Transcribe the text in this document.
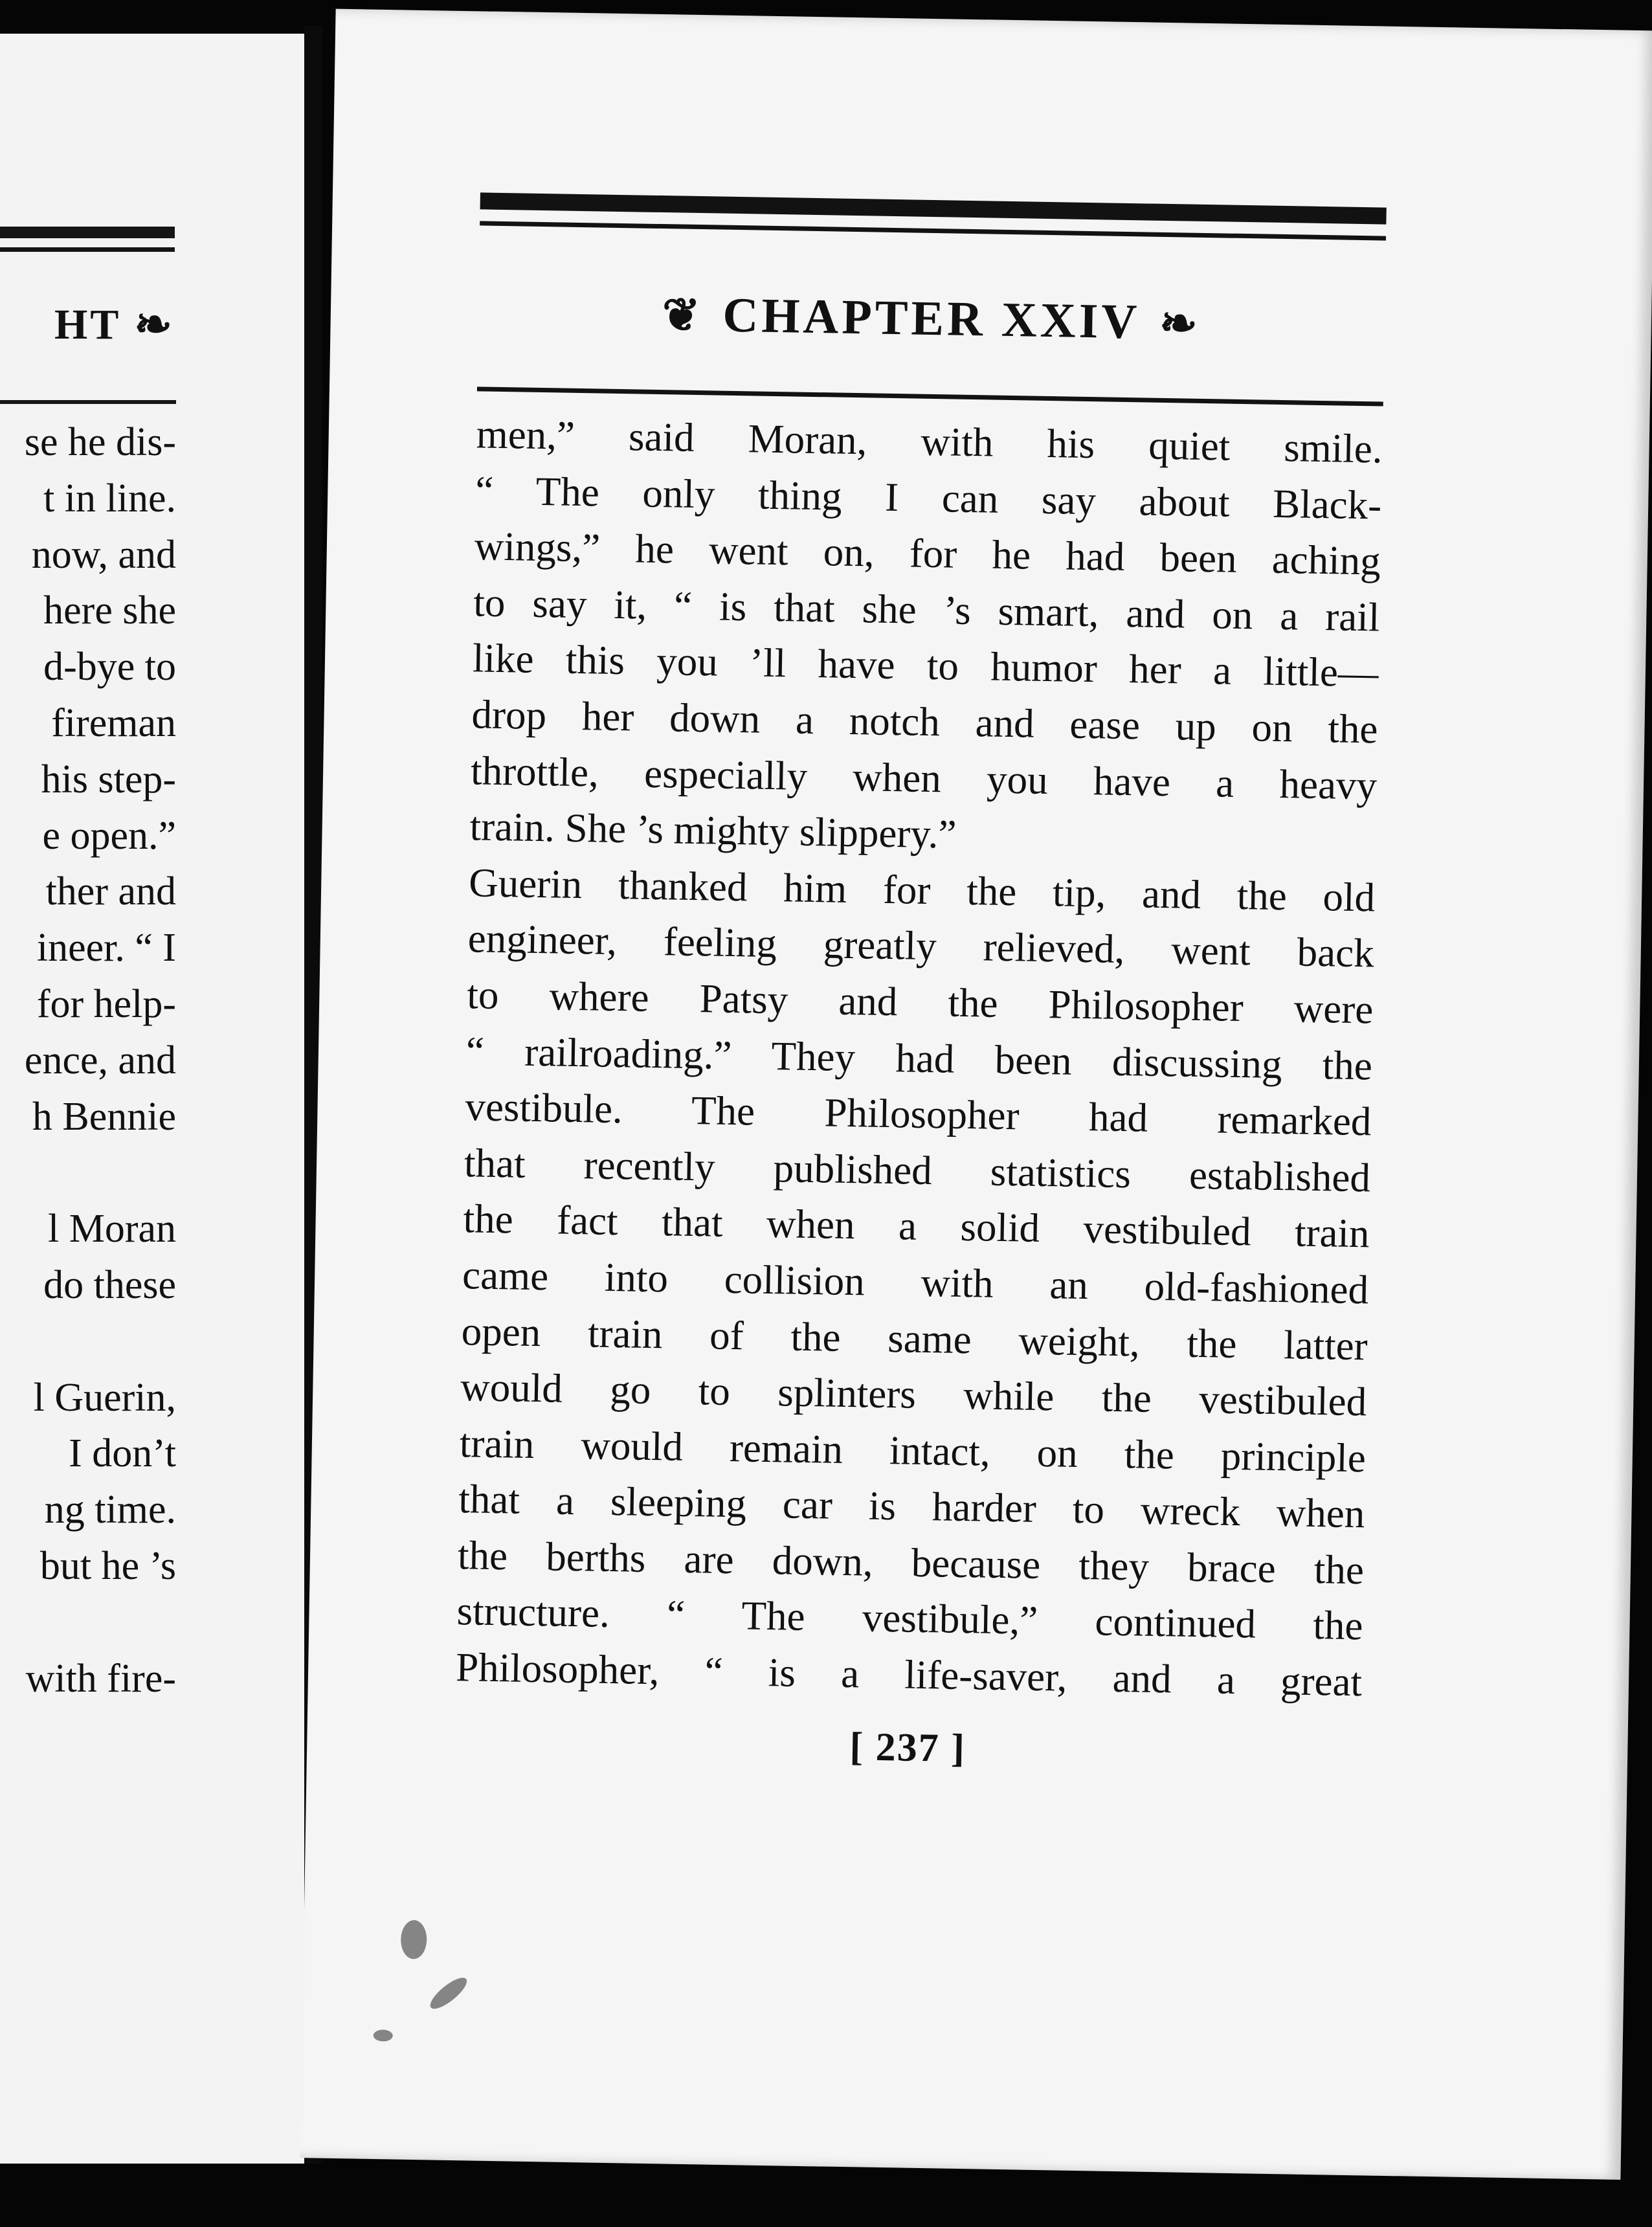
HT ❧
se he dis-
t in line.
now, and
here she
d-bye to
fireman
his step-
e open.”
ther and
ineer. “ I
for help-
ence, and
h Bennie
l Moran
do these
l Guerin,
I don’t
ng time.
but he ’s
with fire-
❦ CHAPTER XXIV ❧
men,” said Moran, with his quiet smile.
“ The only thing I can say about Black-
wings,” he went on, for he had been aching
to say it, “ is that she ’s smart, and on a rail
like this you ’ll have to humor her a little—
drop her down a notch and ease up on the
throttle, especially when you have a heavy
train. She ’s mighty slippery.”
Guerin thanked him for the tip, and the old
engineer, feeling greatly relieved, went back
to where Patsy and the Philosopher were
“ railroading.” They had been discussing the
vestibule. The Philosopher had remarked
that recently published statistics established
the fact that when a solid vestibuled train
came into collision with an old-fashioned
open train of the same weight, the latter
would go to splinters while the vestibuled
train would remain intact, on the principle
that a sleeping car is harder to wreck when
the berths are down, because they brace the
structure. “ The vestibule,” continued the
Philosopher, “ is a life-saver, and a great
[ 237 ]
